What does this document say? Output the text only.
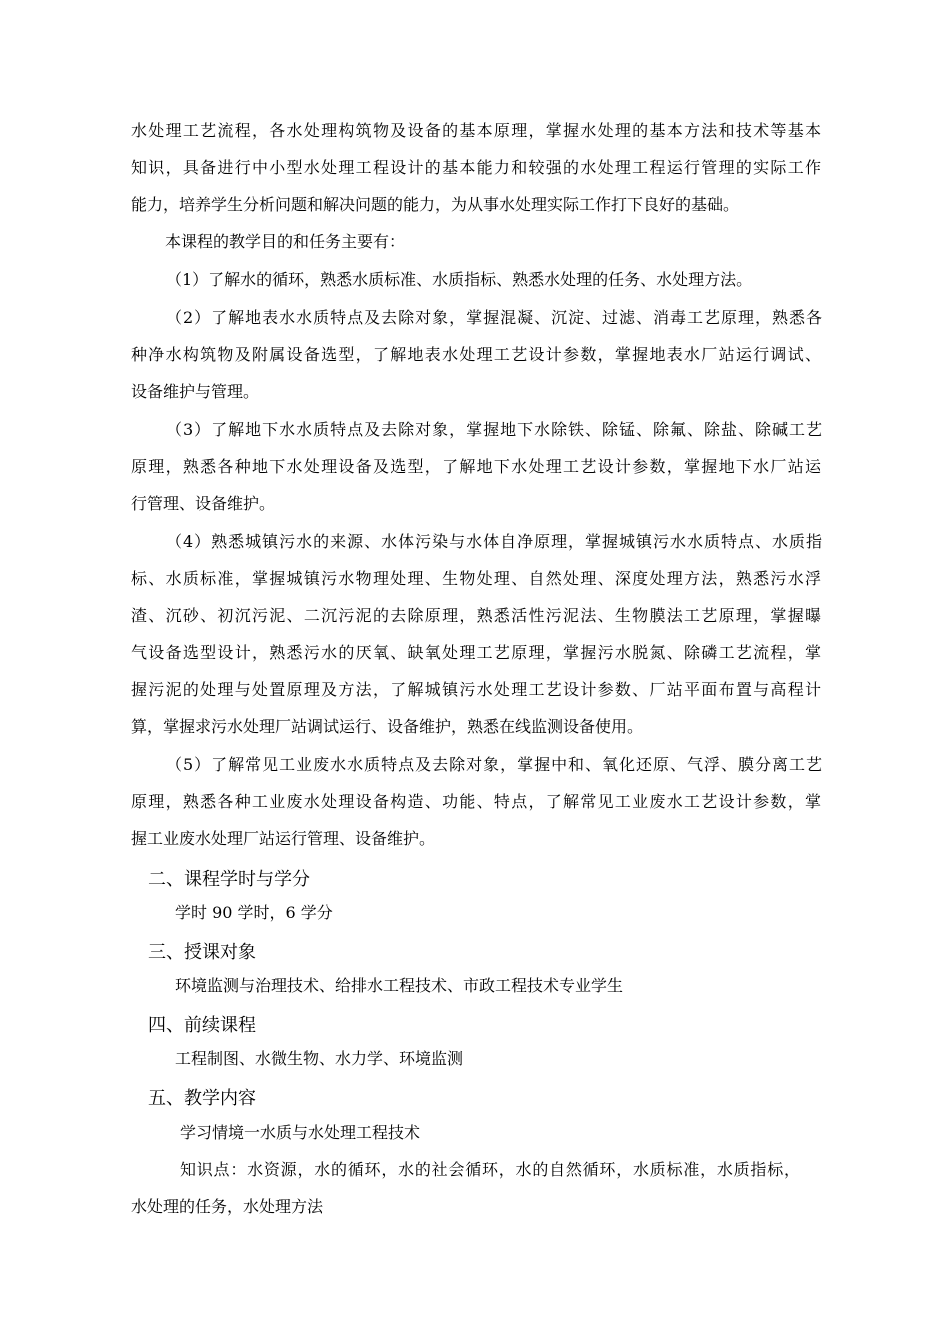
水处理工艺流程，各水处理构筑物及设备的基本原理，掌握水处理的基本方法和技术等基本
知识，具备进行中小型水处理工程设计的基本能力和较强的水处理工程运行管理的实际工作
能力，培养学生分析问题和解决问题的能力，为从事水处理实际工作打下良好的基础。
本课程的教学目的和任务主要有：
（1）了解水的循环，熟悉水质标准、水质指标、熟悉水处理的任务、水处理方法。
（2）了解地表水水质特点及去除对象，掌握混凝、沉淀、过滤、消毒工艺原理，熟悉各
种净水构筑物及附属设备选型，了解地表水处理工艺设计参数，掌握地表水厂站运行调试、
设备维护与管理。
（3）了解地下水水质特点及去除对象，掌握地下水除铁、除锰、除氟、除盐、除碱工艺
原理，熟悉各种地下水处理设备及选型，了解地下水处理工艺设计参数，掌握地下水厂站运
行管理、设备维护。
（4）熟悉城镇污水的来源、水体污染与水体自净原理，掌握城镇污水水质特点、水质指
标、水质标准，掌握城镇污水物理处理、生物处理、自然处理、深度处理方法，熟悉污水浮
渣、沉砂、初沉污泥、二沉污泥的去除原理，熟悉活性污泥法、生物膜法工艺原理，掌握曝
气设备选型设计，熟悉污水的厌氧、缺氧处理工艺原理，掌握污水脱氮、除磷工艺流程，掌
握污泥的处理与处置原理及方法，了解城镇污水处理工艺设计参数、厂站平面布置与高程计
算，掌握求污水处理厂站调试运行、设备维护，熟悉在线监测设备使用。
（5）了解常见工业废水水质特点及去除对象，掌握中和、氧化还原、气浮、膜分离工艺
原理，熟悉各种工业废水处理设备构造、功能、特点，了解常见工业废水工艺设计参数，掌
握工业废水处理厂站运行管理、设备维护。
二、课程学时与学分
学时 90 学时，6 学分
三、授课对象
环境监测与治理技术、给排水工程技术、市政工程技术专业学生
四、前续课程
工程制图、水微生物、水力学、环境监测
五、教学内容
学习情境一水质与水处理工程技术
知识点：水资源，水的循环，水的社会循环，水的自然循环，水质标准，水质指标，
水处理的任务，水处理方法
